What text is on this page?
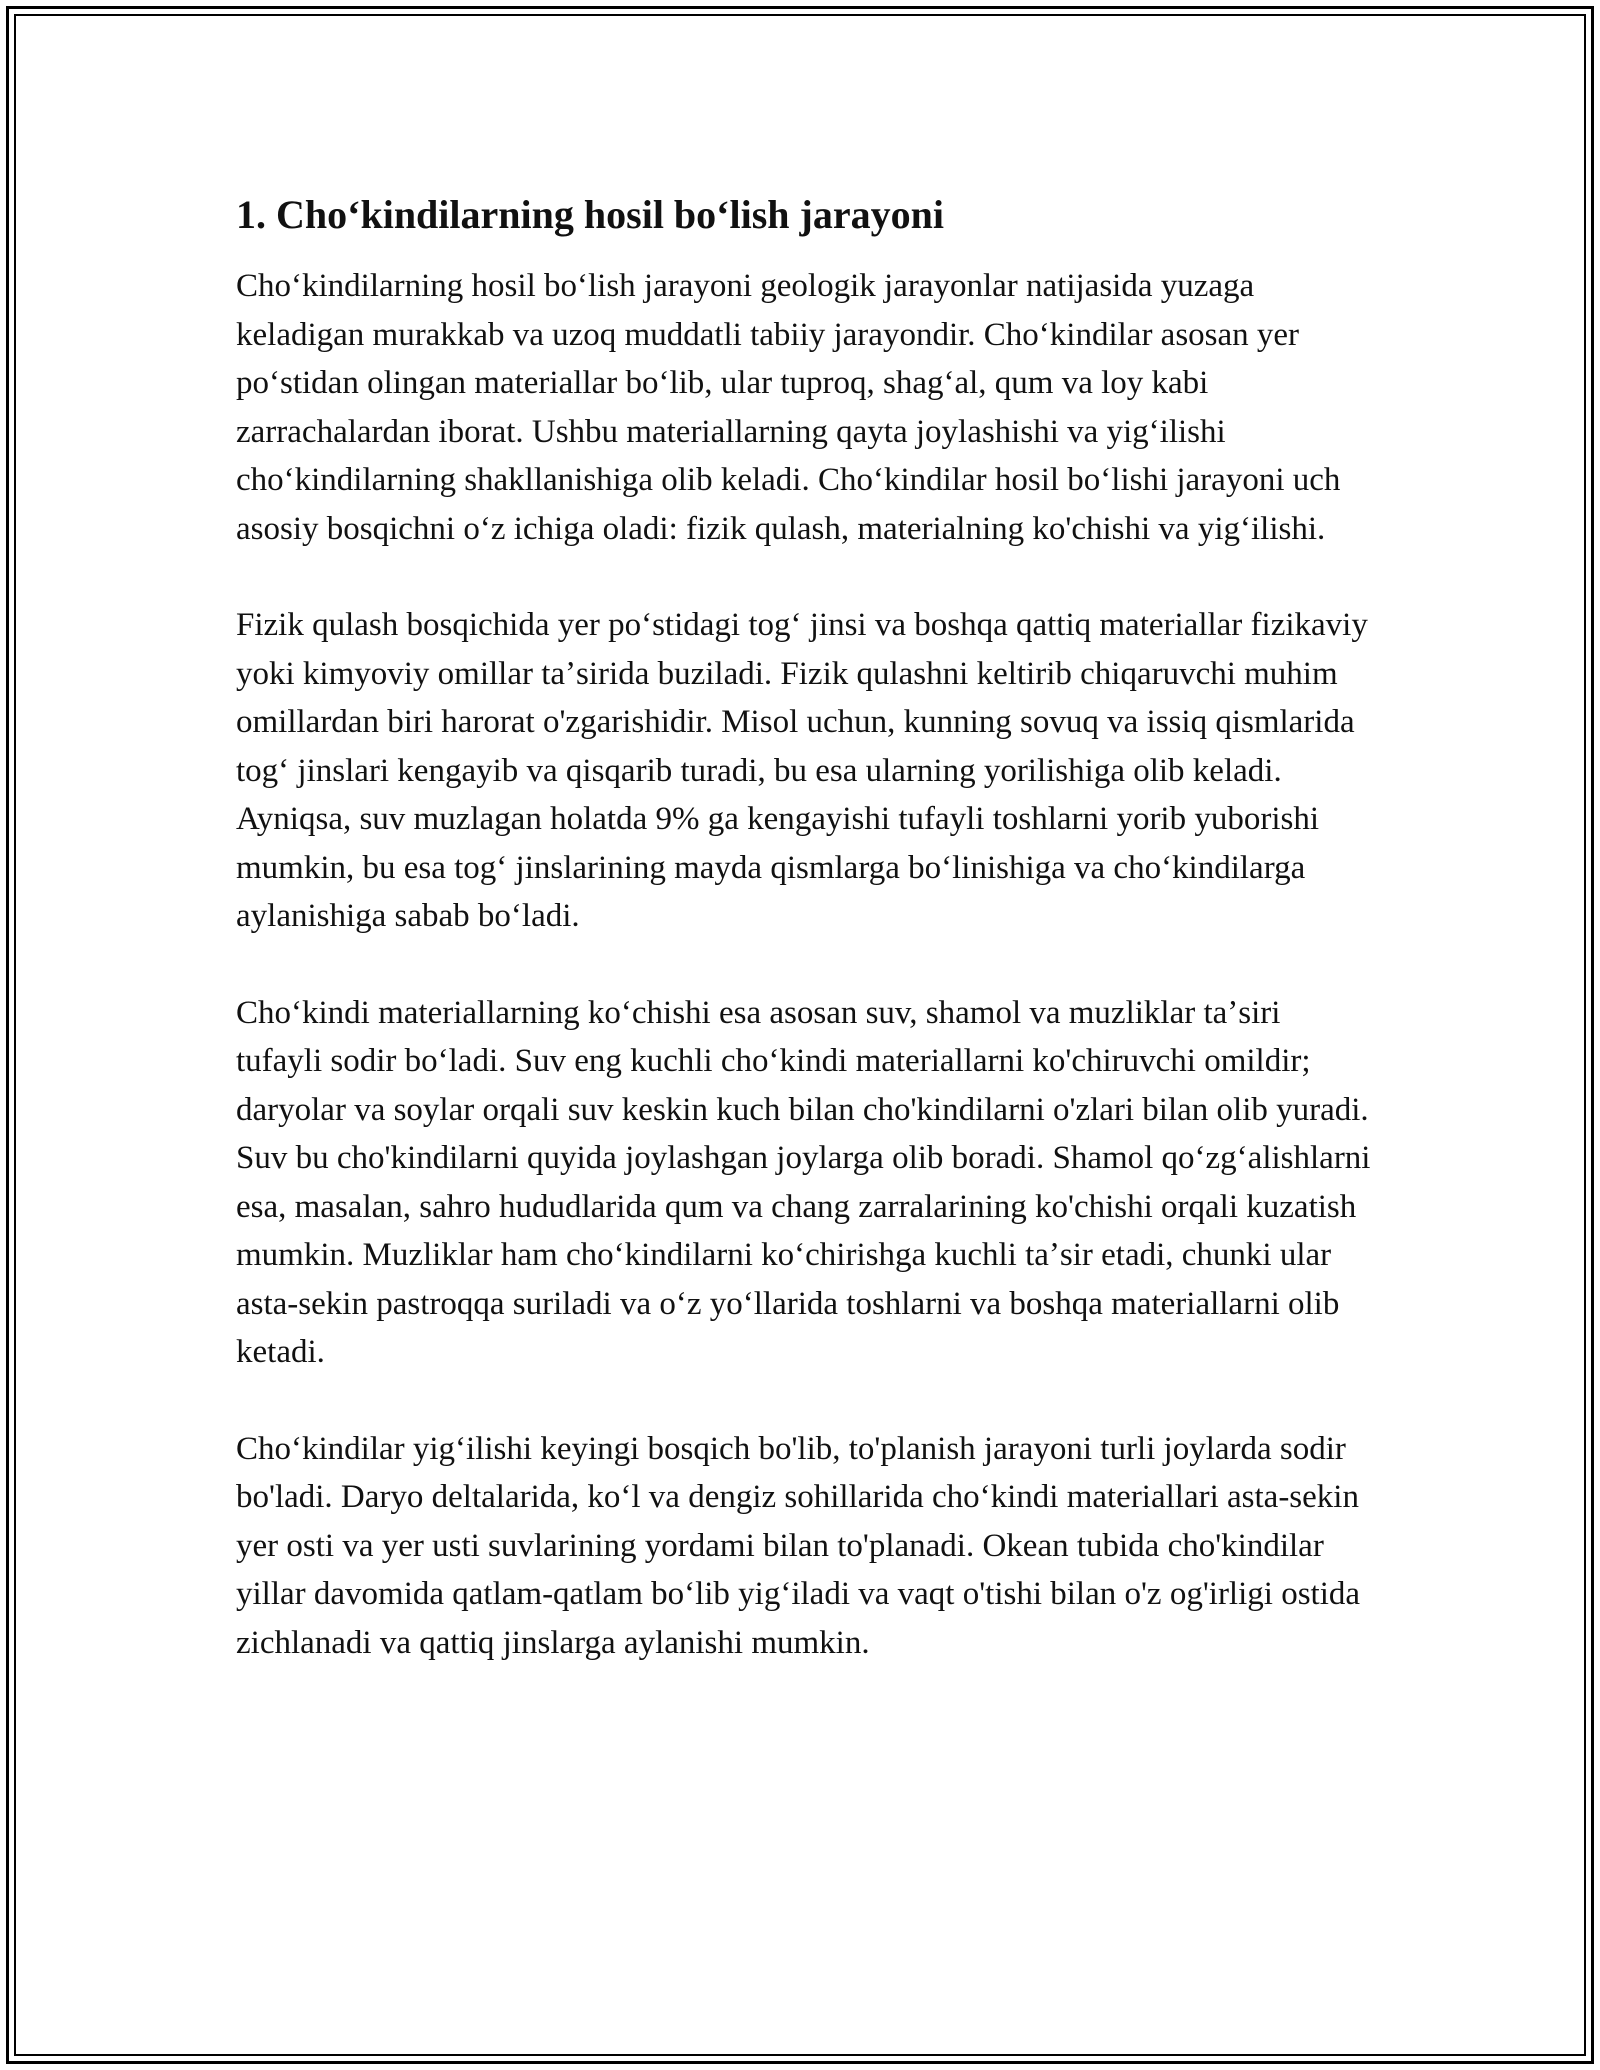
1. Choʻkindilarning hosil boʻlish jarayoni

Choʻkindilarning hosil boʻlish jarayoni geologik jarayonlar natijasida yuzaga keladigan murakkab va uzoq muddatli tabiiy jarayondir. Choʻkindilar asosan yer poʻstidan olingan materiallar boʻlib, ular tuproq, shagʻal, qum va loy kabi zarrachalardan iborat. Ushbu materiallarning qayta joylashishi va yigʻilishi choʻkindilarning shakllanishiga olib keladi. Choʻkindilar hosil boʻlishi jarayoni uch asosiy bosqichni oʻz ichiga oladi: fizik qulash, materialning ko'chishi va yigʻilishi.

Fizik qulash bosqichida yer poʻstidagi togʻ jinsi va boshqa qattiq materiallar fizikaviy yoki kimyoviy omillar taʼsirida buziladi. Fizik qulashni keltirib chiqaruvchi muhim omillardan biri harorat o'zgarishidir. Misol uchun, kunning sovuq va issiq qismlarida togʻ jinslari kengayib va qisqarib turadi, bu esa ularning yorilishiga olib keladi. Ayniqsa, suv muzlagan holatda 9% ga kengayishi tufayli toshlarni yorib yuborishi mumkin, bu esa togʻ jinslarining mayda qismlarga boʻlinishiga va choʻkindilarga aylanishiga sabab boʻladi.

Choʻkindi materiallarning koʻchishi esa asosan suv, shamol va muzliklar taʼsiri tufayli sodir boʻladi. Suv eng kuchli choʻkindi materiallarni ko'chiruvchi omildir; daryolar va soylar orqali suv keskin kuch bilan cho'kindilarni o'zlari bilan olib yuradi. Suv bu cho'kindilarni quyida joylashgan joylarga olib boradi. Shamol qoʻzgʻalishlarni esa, masalan, sahro hududlarida qum va chang zarralarining ko'chishi orqali kuzatish mumkin. Muzliklar ham choʻkindilarni koʻchirishga kuchli taʼsir etadi, chunki ular asta-sekin pastroqqa suriladi va oʻz yoʻllarida toshlarni va boshqa materiallarni olib ketadi.

Choʻkindilar yigʻilishi keyingi bosqich bo'lib, to'planish jarayoni turli joylarda sodir bo'ladi. Daryo deltalarida, koʻl va dengiz sohillarida choʻkindi materiallari asta-sekin yer osti va yer usti suvlarining yordami bilan to'planadi. Okean tubida cho'kindilar yillar davomida qatlam-qatlam boʻlib yigʻiladi va vaqt o'tishi bilan o'z og'irligi ostida zichlanadi va qattiq jinslarga aylanishi mumkin.
